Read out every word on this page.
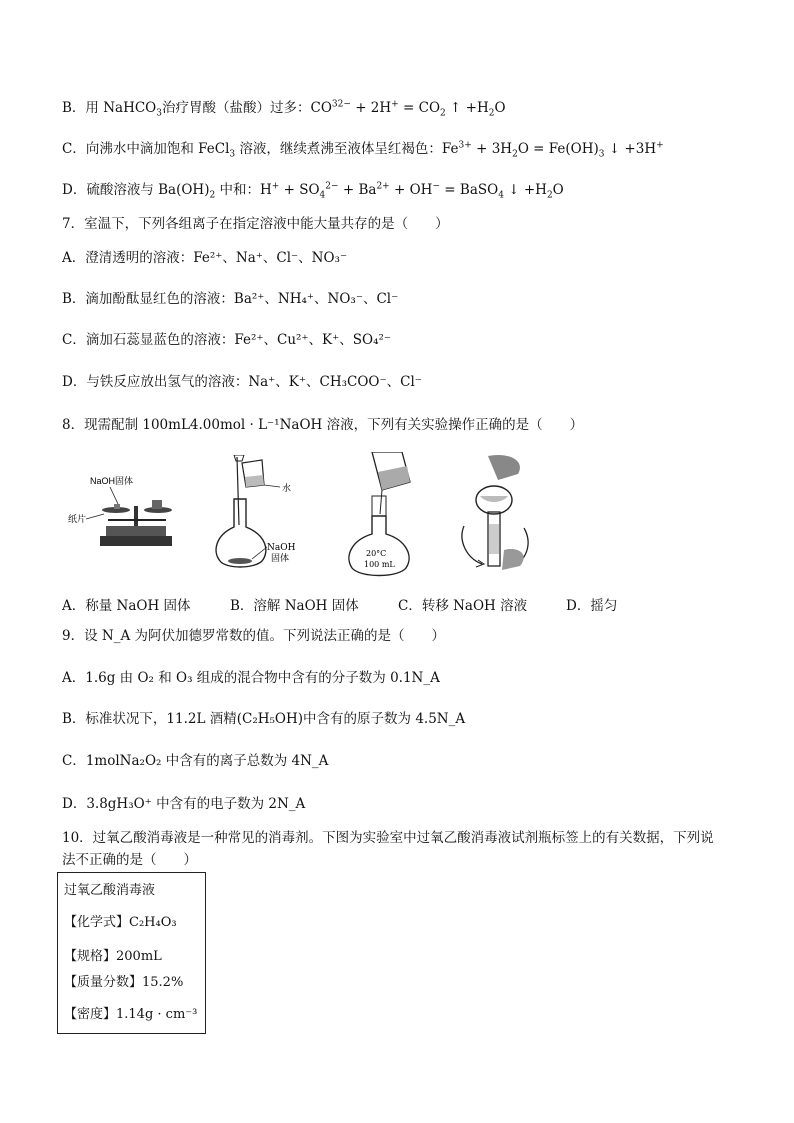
B．用 NaHCO$_3$治疗胃酸（盐酸）过多：$CO^{32-} + 2H^+ = CO_2$ ↑ $+H_2O$
C．向沸水中滴加饱和 FeCl$_3$ 溶液，继续煮沸至液体呈红褐色：$Fe^{3+} + 3H_2O = Fe(OH)_3$ ↓ +3H+
D．硫酸溶液与 $Ba(OH)_2$ 中和：$H^+ + SO_4^{2-} + Ba^{2+} + OH^-$ = BaSO$_4$ ↓ $+H_2O$
7．室温下，下列各组离子在指定溶液中能大量共存的是（　　）
A．澄清透明的溶液：Fe²⁺、Na⁺、Cl⁻、NO₃⁻
B．滴加酚酞显红色的溶液：Ba²⁺、NH₄⁺、NO₃⁻、Cl⁻
C．滴加石蕊显蓝色的溶液：Fe²⁺、Cu²⁺、K⁺、SO₄²⁻
D．与铁反应放出氢气的溶液：Na⁺、K⁺、CH₃COO⁻、Cl⁻
8．现需配制 100mL4.00mol · L⁻¹NaOH 溶液，下列有关实验操作正确的是（　　）
NaOH固体
纸片
水
NaOH
固体	20°C
100 mL
A．称量 NaOH 固体	B．溶解 NaOH 固体	C．转移 NaOH 溶液	D．摇匀
9．设 N_A 为阿伏加德罗常数的值。下列说法正确的是（　　）
A．1.6g 由 O₂ 和 O₃ 组成的混合物中含有的分子数为 0.1N_A
B．标准状况下，11.2L 酒精(C₂H₅OH)中含有的原子数为 4.5N_A
C．1molNa₂O₂ 中含有的离子总数为 4N_A
D．3.8gH₃O⁺ 中含有的电子数为 2N_A
10．过氧乙酸消毒液是一种常见的消毒剂。下图为实验室中过氧乙酸消毒液试剂瓶标签上的有关数据，下列说
法不正确的是（　　）
过氧乙酸消毒液
【化学式】C₂H₄O₃
【规格】200mL
【质量分数】15.2%
【密度】1.14g · cm⁻³
